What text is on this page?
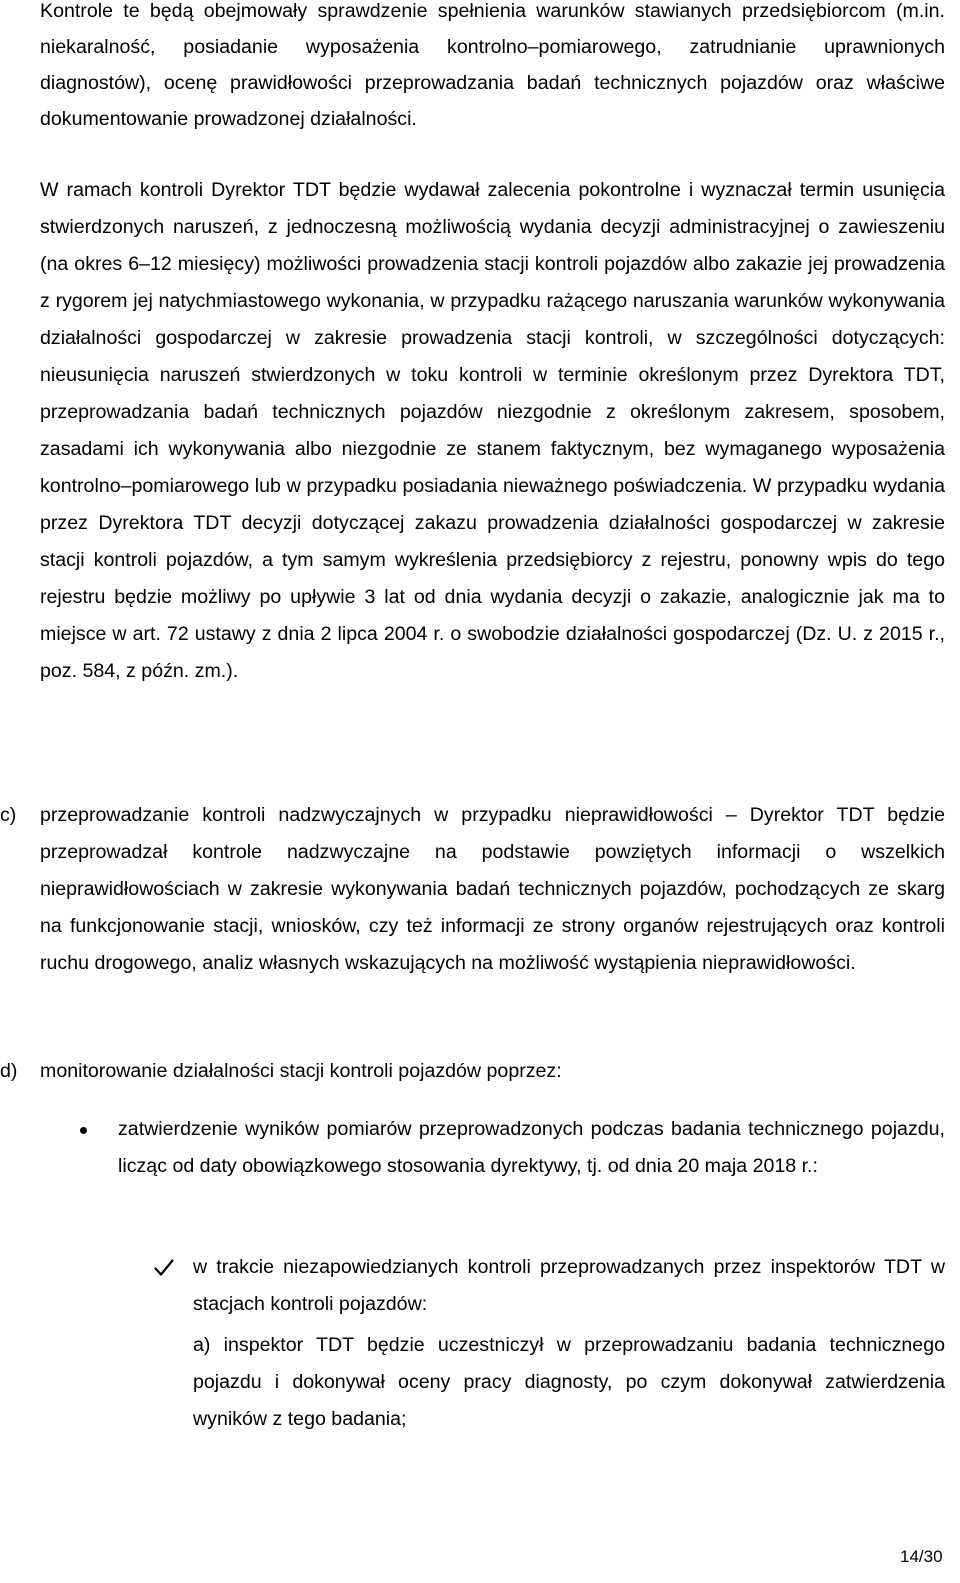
Kontrole te będą obejmowały sprawdzenie spełnienia warunków stawianych przedsiębiorcom (m.in. niekaralność, posiadanie wyposażenia kontrolno–pomiarowego, zatrudnianie uprawnionych diagnostów), ocenę prawidłowości przeprowadzania badań technicznych pojazdów oraz właściwe dokumentowanie prowadzonej działalności.
W ramach kontroli Dyrektor TDT będzie wydawał zalecenia pokontrolne i wyznaczał termin usunięcia stwierdzonych naruszeń, z jednoczesną możliwością wydania decyzji administracyjnej o zawieszeniu (na okres 6–12 miesięcy) możliwości prowadzenia stacji kontroli pojazdów albo zakazie jej prowadzenia z rygorem jej natychmiastowego wykonania, w przypadku rażącego naruszania warunków wykonywania działalności gospodarczej w zakresie prowadzenia stacji kontroli, w szczególności dotyczących: nieusunięcia naruszeń stwierdzonych w toku kontroli w terminie określonym przez Dyrektora TDT, przeprowadzania badań technicznych pojazdów niezgodnie z określonym zakresem, sposobem, zasadami ich wykonywania albo niezgodnie ze stanem faktycznym, bez wymaganego wyposażenia kontrolno–pomiarowego lub w przypadku posiadania nieważnego poświadczenia. W przypadku wydania przez Dyrektora TDT decyzji dotyczącej zakazu prowadzenia działalności gospodarczej w zakresie stacji kontroli pojazdów, a tym samym wykreślenia przedsiębiorcy z rejestru, ponowny wpis do tego rejestru będzie możliwy po upływie 3 lat od dnia wydania decyzji o zakazie, analogicznie jak ma to miejsce w art. 72 ustawy z dnia 2 lipca 2004 r. o swobodzie działalności gospodarczej (Dz. U. z 2015 r., poz. 584, z późn. zm.).
c) przeprowadzanie kontroli nadzwyczajnych w przypadku nieprawidłowości – Dyrektor TDT będzie przeprowadzał kontrole nadzwyczajne na podstawie powziętych informacji o wszelkich nieprawidłowościach w zakresie wykonywania badań technicznych pojazdów, pochodzących ze skarg na funkcjonowanie stacji, wniosków, czy też informacji ze strony organów rejestrujących oraz kontroli ruchu drogowego, analiz własnych wskazujących na możliwość wystąpienia nieprawidłowości.
d) monitorowanie działalności stacji kontroli pojazdów poprzez:
zatwierdzenie wyników pomiarów przeprowadzonych podczas badania technicznego pojazdu, licząc od daty obowiązkowego stosowania dyrektywy, tj. od dnia 20 maja 2018 r.:
w trakcie niezapowiedzianych kontroli przeprowadzanych przez inspektorów TDT w stacjach kontroli pojazdów:
a) inspektor TDT będzie uczestniczył w przeprowadzaniu badania technicznego pojazdu i dokonywał oceny pracy diagnosty, po czym dokonywał zatwierdzenia wyników z tego badania;
14/30
